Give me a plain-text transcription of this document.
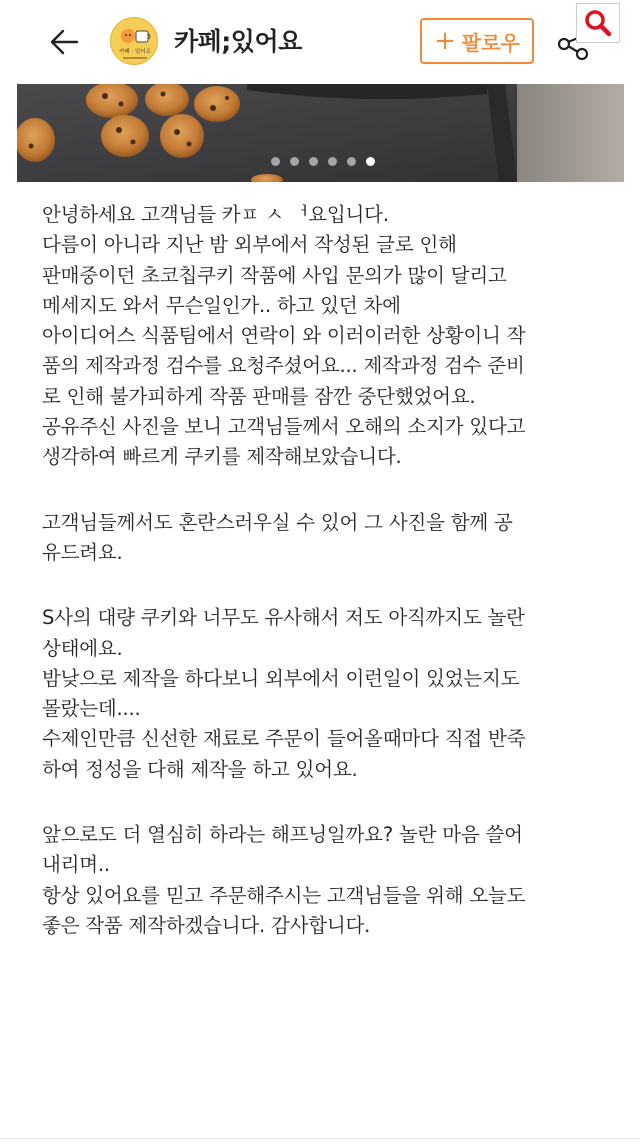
카페 · 있어요 카페;있어요	+ 팔로우

안녕하세요 고객님들 카ㅍ ㅅ ᅥ요입니다.

다름이 아니라 지난 밤 외부에서 작성된 글로 인해

판매중이던 초코칩쿠키 작품에 사입 문의가 많이 달리고

메세지도 와서 무슨일인가.. 하고 있던 차에

아이디어스 식품팀에서 연락이 와 이러이러한 상황이니 작

품의 제작과정 검수를 요청주셨어요... 제작과정 검수 준비

로 인해 불가피하게 작품 판매를 잠깐 중단했었어요.

공유주신 사진을 보니 고객님들께서 오해의 소지가 있다고

생각하여 빠르게 쿠키를 제작해보았습니다.

고객님들께서도 혼란스러우실 수 있어 그 사진을 함께 공

유드려요.

S사의 대량 쿠키와 너무도 유사해서 저도 아직까지도 놀란

상태에요.

밤낮으로 제작을 하다보니 외부에서 이런일이 있었는지도

몰랐는데....

수제인만큼 신선한 재료로 주문이 들어올때마다 직접 반죽

하여 정성을 다해 제작을 하고 있어요.

앞으로도 더 열심히 하라는 해프닝일까요? 놀란 마음 쓸어

내리며..

항상 있어요를 믿고 주문해주시는 고객님들을 위해 오늘도

좋은 작품 제작하겠습니다. 감사합니다.
